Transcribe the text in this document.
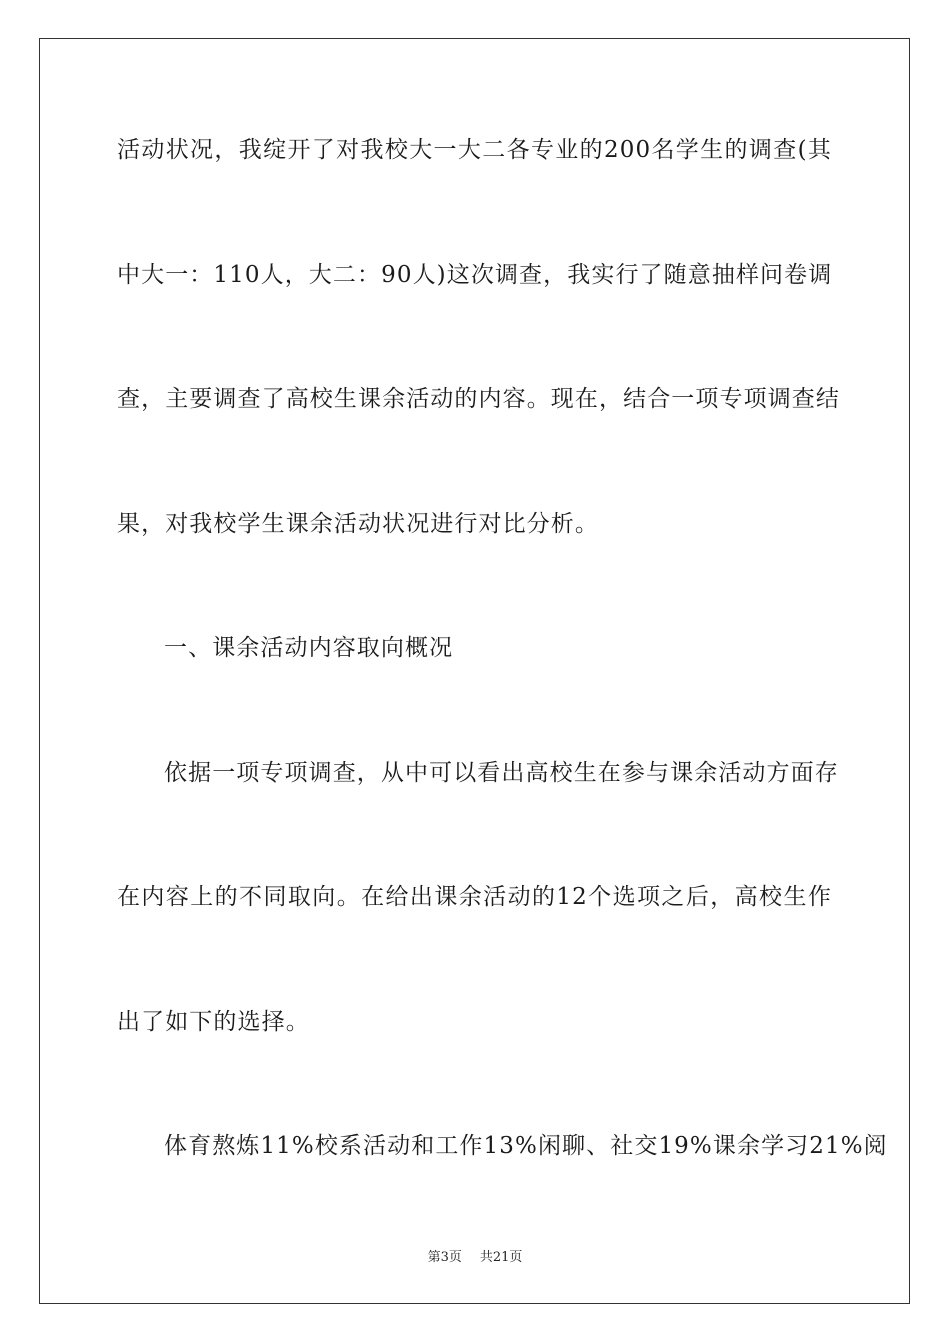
活动状况，我绽开了对我校大一大二各专业的200名学生的调查(其
中大一：110人，大二：90人)这次调查，我实行了随意抽样问卷调
查，主要调查了高校生课余活动的内容。现在，结合一项专项调查结
果，对我校学生课余活动状况进行对比分析。
一、课余活动内容取向概况
依据一项专项调查，从中可以看出高校生在参与课余活动方面存
在内容上的不同取向。在给出课余活动的12个选项之后，高校生作
出了如下的选择。
体育熬炼11%校系活动和工作13%闲聊、社交19%课余学习21%阅
第3页 共21页
